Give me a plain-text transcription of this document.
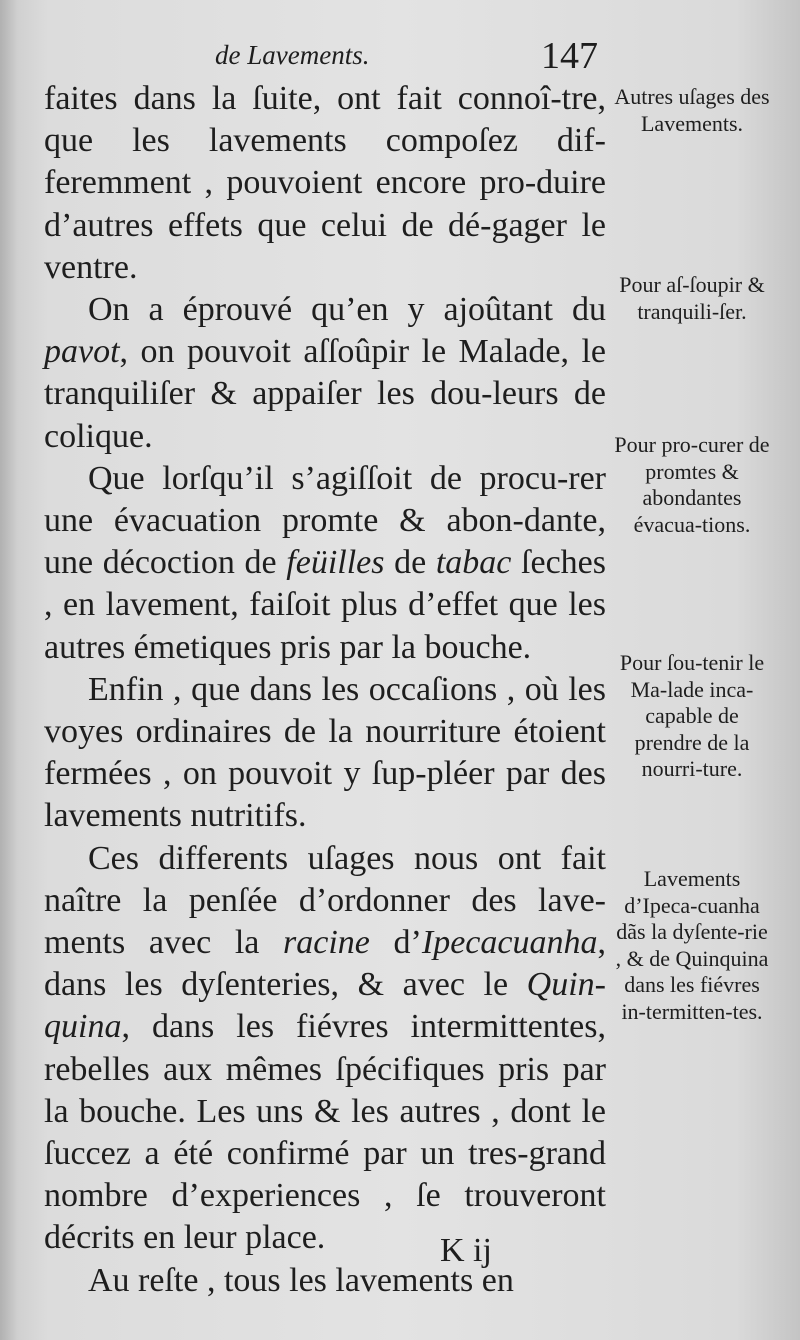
de Lavements.	147

faites dans la ſuite, ont fait connoî-tre, que les lavements compoſez dif-feremment , pouvoient encore pro-duire d’autres effets que celui de dé-gager le ventre.

On a éprouvé qu’en y ajoûtant du pavot, on pouvoit aſſoûpir le Malade, le tranquiliſer & appaiſer les dou-leurs de colique.

Que lorſqu’il s’agiſſoit de procu-rer une évacuation promte & abon-dante, une décoction de feüilles de tabac ſeches , en lavement, faiſoit plus d’effet que les autres émetiques pris par la bouche.

Enfin , que dans les occaſions , où les voyes ordinaires de la nourriture étoient fermées , on pouvoit y ſup-pléer par des lavements nutritifs.

Ces differents uſages nous ont fait naître la penſée d’ordonner des lave-ments avec la racine d’Ipecacuanha, dans les dyſenteries, & avec le Quin-quina, dans les fiévres intermittentes, rebelles aux mêmes ſpécifiques pris par la bouche. Les uns & les autres , dont le ſuccez a été confirmé par un tres-grand nombre d’experiences , ſe trouveront décrits en leur place.

Au reſte , tous les lavements en

Autres uſages des Lavements.
Pour aſ-ſoupir & tranquili-ſer.
Pour pro-curer de promtes & abondantes évacua-tions.
Pour ſou-tenir le Ma-lade inca-capable de prendre de la nourri-ture.
Lavements d’Ipeca-cuanha dãs la dyſente-rie , & de Quinquina dans les fiévres in-termitten-tes.
K ij
